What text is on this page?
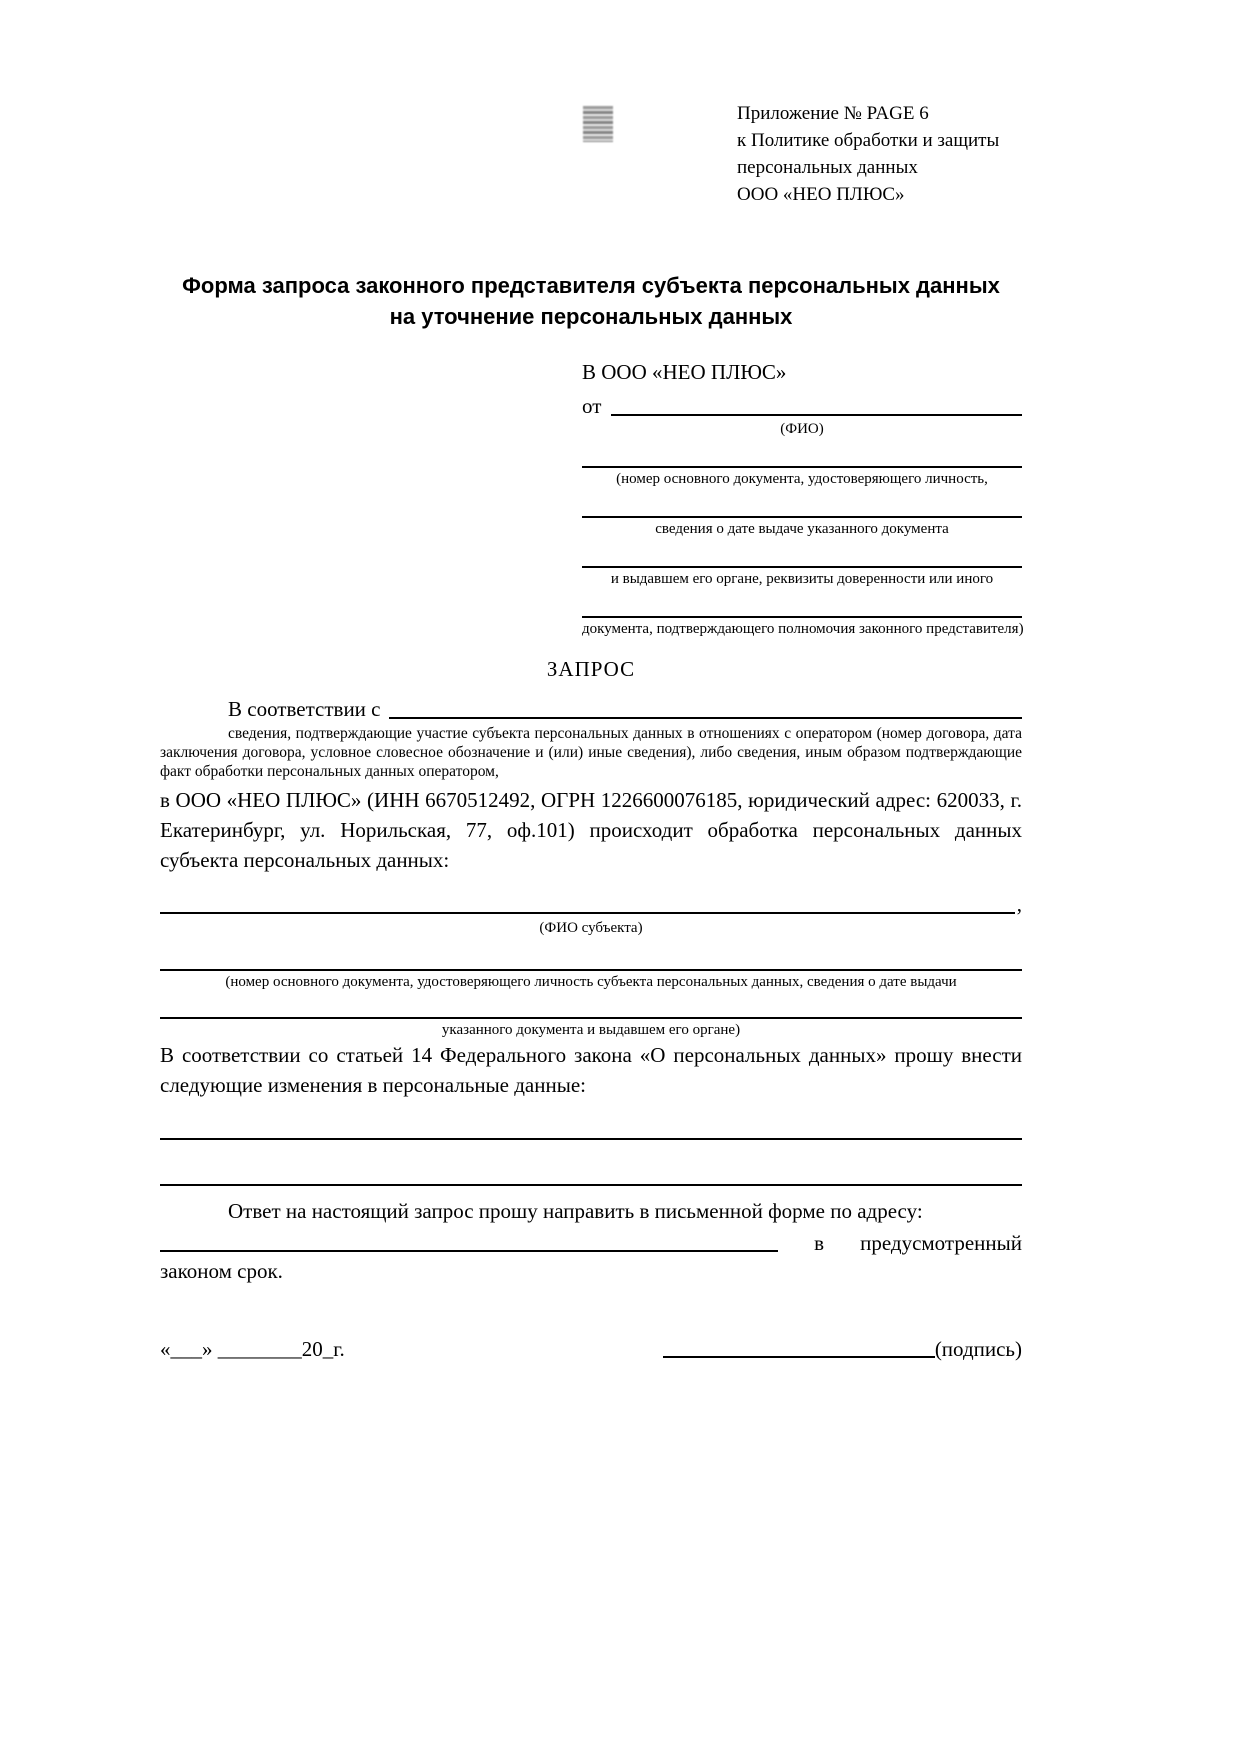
Приложение № PAGE 6
к Политике обработки и защиты
персональных данных
ООО «НЕО ПЛЮС»
Форма запроса законного представителя субъекта персональных данных
на уточнение персональных данных
В ООО «НЕО ПЛЮС»
от
(ФИО)
(номер основного документа, удостоверяющего личность,
сведения о дате выдаче указанного документа
и выдавшем его органе, реквизиты доверенности или иного
документа, подтверждающего полномочия законного представителя)
ЗАПРОС
В соответствии с
сведения, подтверждающие участие субъекта персональных данных в отношениях с оператором (номер договора, дата заключения договора, условное словесное обозначение и (или) иные сведения), либо сведения, иным образом подтверждающие факт обработки персональных данных оператором,
в ООО «НЕО ПЛЮС» (ИНН 6670512492, ОГРН 1226600076185, юридический адрес: 620033, г. Екатеринбург, ул. Норильская, 77, оф.101) происходит обработка персональных данных субъекта персональных данных:
,
(ФИО субъекта)
(номер основного документа, удостоверяющего личность субъекта персональных данных, сведения о дате выдачи
указанного документа и выдавшем его органе)
В соответствии со статьей 14 Федерального закона «О персональных данных» прошу внести следующие изменения в персональные данные:
Ответ на настоящий запрос прошу направить в письменной форме по адресу:
в предусмотренный
законом срок.
«___» ________20_г.	(подпись)
